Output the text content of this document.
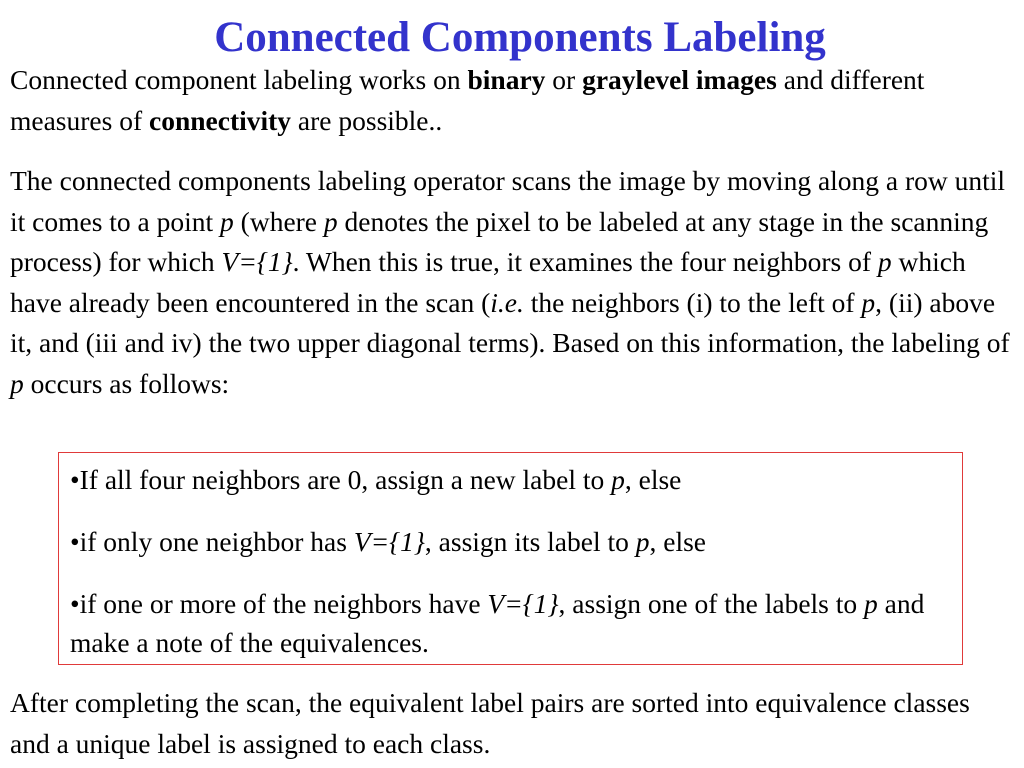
Connected Components Labeling

Connected component labeling works on binary or graylevel images and different measures of connectivity are possible..

The connected components labeling operator scans the image by moving along a row until it comes to a point p (where p denotes the pixel to be labeled at any stage in the scanning process) for which V={1}. When this is true, it examines the four neighbors of p which have already been encountered in the scan (i.e. the neighbors (i) to the left of p, (ii) above it, and (iii and iv) the two upper diagonal terms). Based on this information, the labeling of p occurs as follows:

•If all four neighbors are 0, assign a new label to p, else

•if only one neighbor has V={1}, assign its label to p, else

•if one or more of the neighbors have V={1}, assign one of the labels to p and make a note of the equivalences.

After completing the scan, the equivalent label pairs are sorted into equivalence classes and a unique label is assigned to each class.
